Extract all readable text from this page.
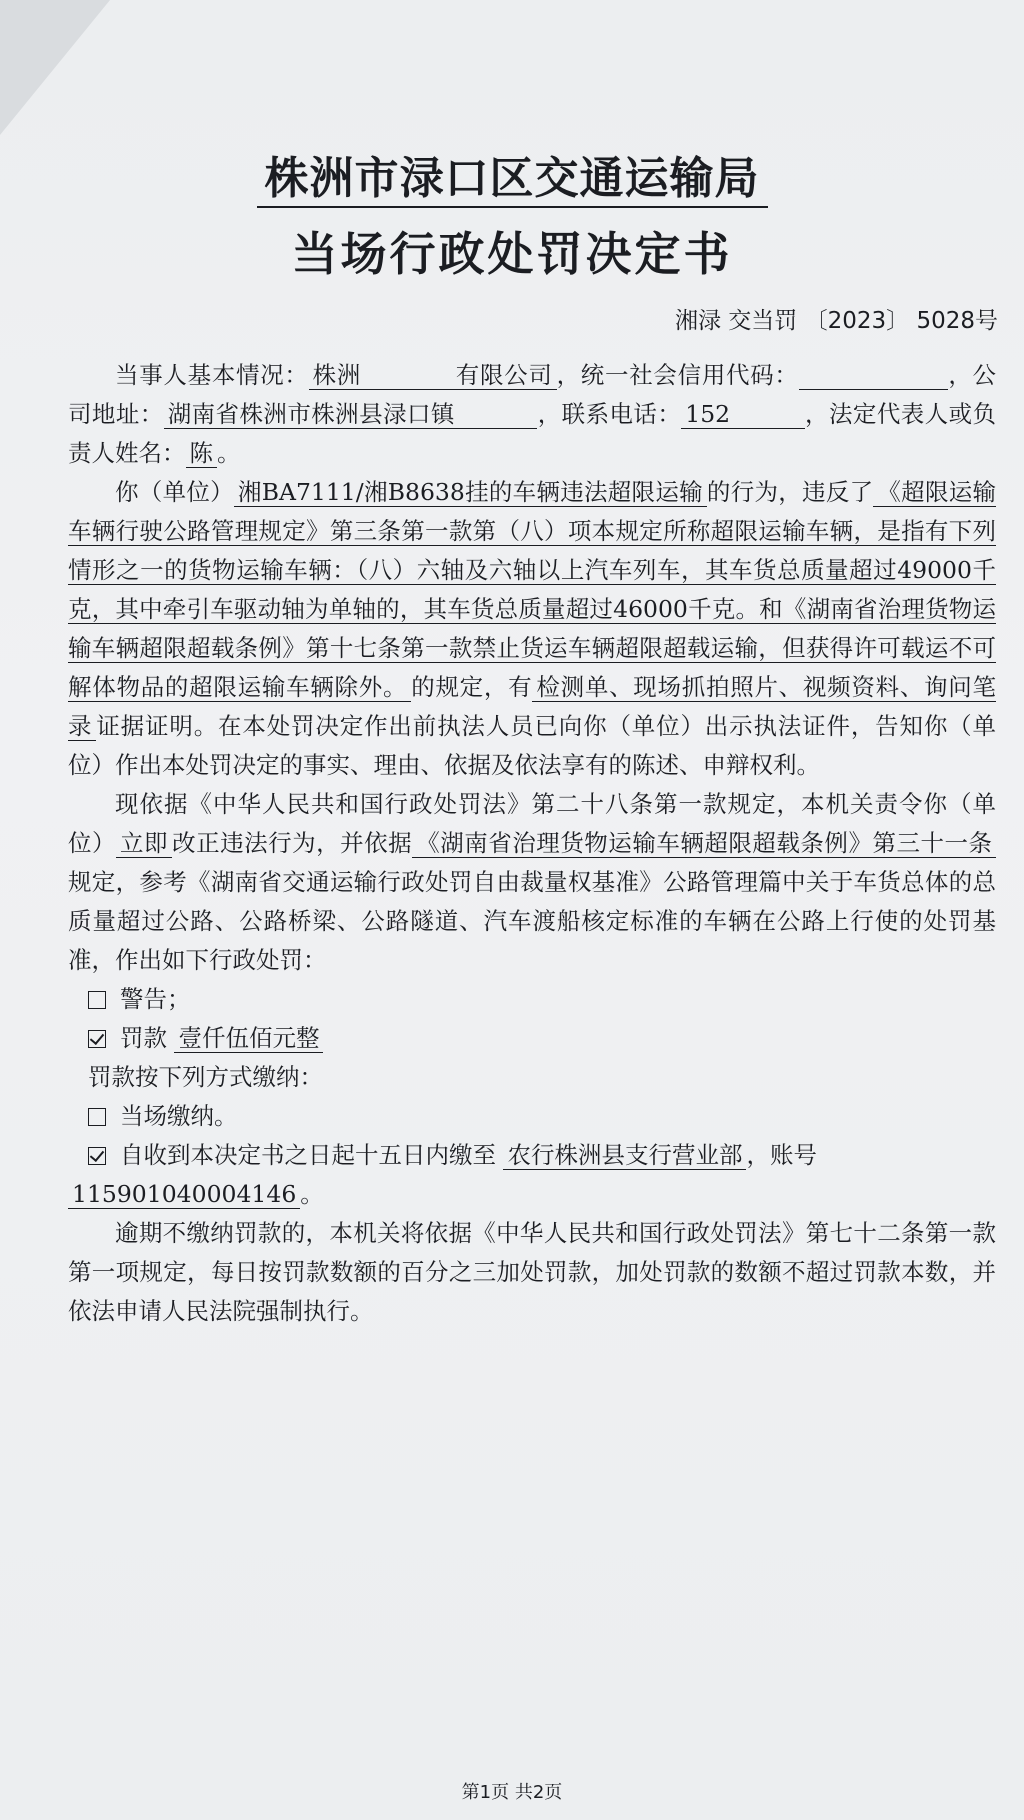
株洲市渌口区交通运输局
当场行政处罚决定书
湘渌 交当罚 〔2023〕 5028号

当事人基本情况： 株洲    	有限公司 ，统一社会信用代码：      	，公司地址： 湖南省株洲市株洲县渌口镇   	，联系电话： 152   	，法定代表人或负责人姓名： 陈 。

你（单位） 湘BA7111/湘B8638挂的车辆违法超限运输 的行为，违反了 《超限运输车辆行驶公路管理规定》第三条第一款第（八）项本规定所称超限运输车辆，是指有下列情形之一的货物运输车辆：（八）六轴及六轴以上汽车列车，其车货总质量超过49000千克，其中牵引车驱动轴为单轴的，其车货总质量超过46000千克。和《湖南省治理货物运输车辆超限超载条例》第十七条第一款禁止货运车辆超限超载运输，但获得许可载运不可解体物品的超限运输车辆除外。 的规定，有 检测单、现场抓拍照片、视频资料、询问笔录 证据证明。在本处罚决定作出前执法人员已向你（单位）出示执法证件，告知你（单位）作出本处罚决定的事实、理由、依据及依法享有的陈述、申辩权利。

现依据《中华人民共和国行政处罚法》第二十八条第一款规定，本机关责令你（单位） 立即 改正违法行为，并依据 《湖南省治理货物运输车辆超限超载条例》第三十一条规定，参考《湖南省交通运输行政处罚自由裁量权基准》公路管理篇中关于车货总体的总质量超过公路、公路桥梁、公路隧道、汽车渡船核定标准的车辆在公路上行使的处罚基准，作出如下行政处罚：

警告；
罚款 壹仟伍佰元整
罚款按下列方式缴纳：
当场缴纳。
自收到本决定书之日起十五日内缴至 农行株洲县支行营业部 ，账号
115901040004146 。

逾期不缴纳罚款的，本机关将依据《中华人民共和国行政处罚法》第七十二条第一款第一项规定，每日按罚款数额的百分之三加处罚款，加处罚款的数额不超过罚款本数，并依法申请人民法院强制执行。

第1页 共2页
